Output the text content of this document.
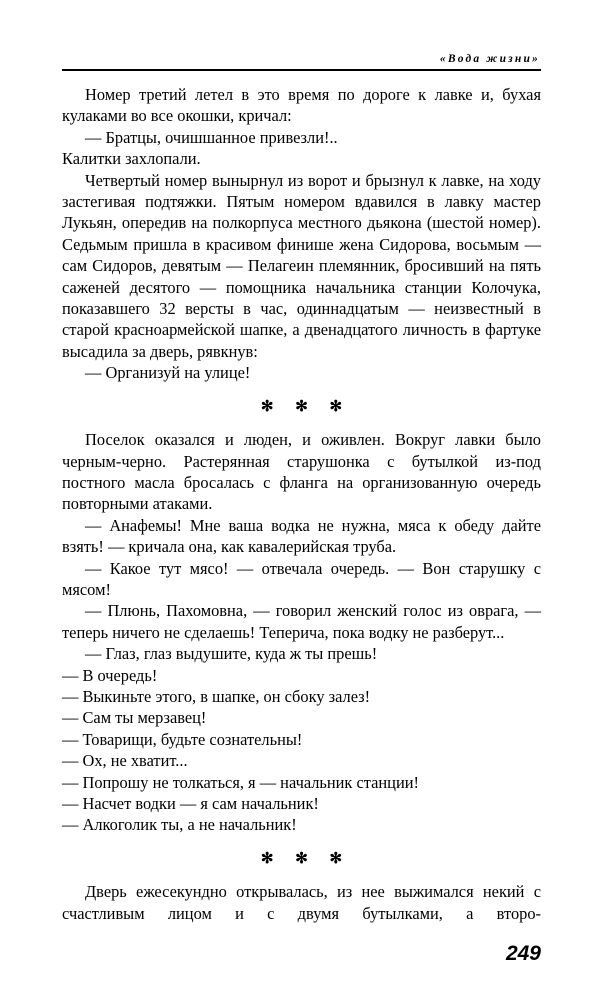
«Вода жизни»

Номер третий летел в это время по дороге к лавке и, бухая кулаками во все окошки, кричал:

— Братцы, очишшанное привезли!..

Калитки захлопали.

Четвертый номер вынырнул из ворот и брызнул к лавке, на ходу застегивая подтяжки. Пятым номером вдавился в лавку мастер Лукьян, опередив на полкорпуса местного дьякона (шестой номер). Седьмым пришла в красивом финише жена Сидорова, восьмым — сам Сидоров, девятым — Пелагеин племянник, бросивший на пять саженей десятого — помощника начальника станции Колочука, показавшего 32 версты в час, одиннадцатым — неизвестный в старой красноармейской шапке, а двенадцатого личность в фартуке высадила за дверь, рявкнув:

— Организуй на улице!

✻ ✻ ✻

Поселок оказался и люден, и оживлен. Вокруг лавки было черным-черно. Растерянная старушонка с бутылкой из-под постного масла бросалась с фланга на организованную очередь повторными атаками.

— Анафемы! Мне ваша водка не нужна, мяса к обеду дайте взять! — кричала она, как кавалерийская труба.

— Какое тут мясо! — отвечала очередь. — Вон старушку с мясом!

— Плюнь, Пахомовна, — говорил женский голос из оврага, — теперь ничего не сделаешь! Теперича, пока водку не разберут...

— Глаз, глаз выдушите, куда ж ты прешь!

— В очередь!

— Выкиньте этого, в шапке, он сбоку залез!

— Сам ты мерзавец!

— Товарищи, будьте сознательны!

— Ох, не хватит...

— Попрошу не толкаться, я — начальник станции!

— Насчет водки — я сам начальник!

— Алкоголик ты, а не начальник!

✻ ✻ ✻

Дверь ежесекундно открывалась, из нее выжимался некий с счастливым лицом и с двумя бутылками, а второ-

249
